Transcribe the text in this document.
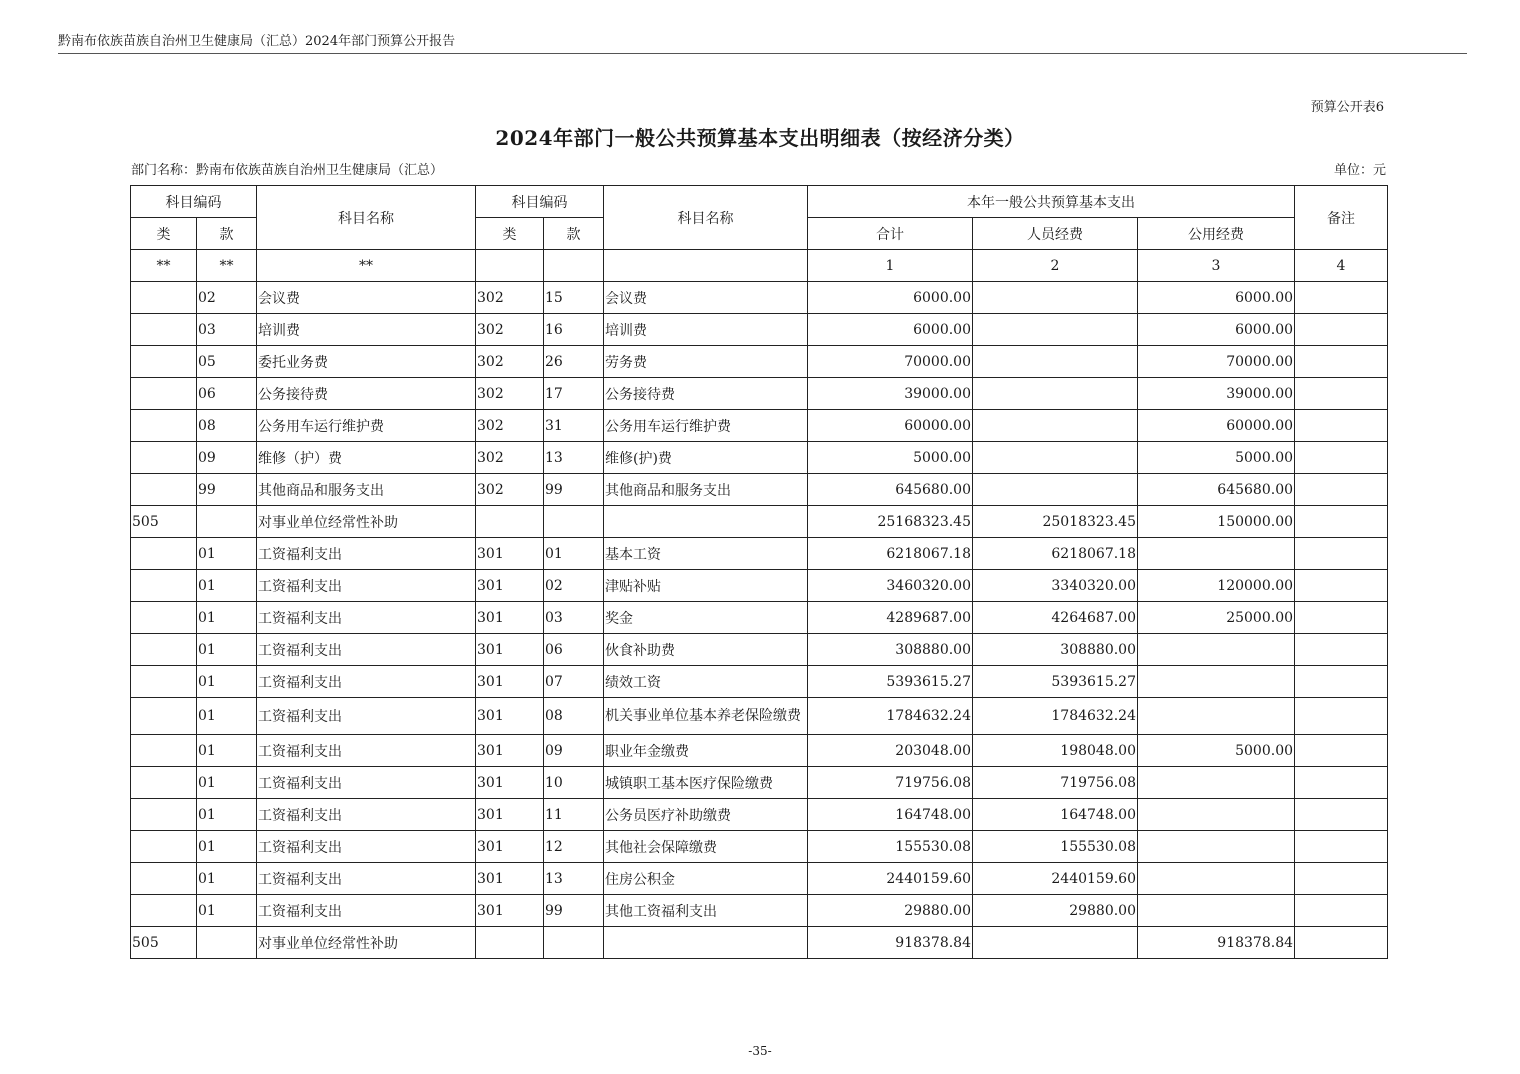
黔南布依族苗族自治州卫生健康局（汇总）2024年部门预算公开报告
预算公开表6
2024年部门一般公共预算基本支出明细表（按经济分类）
部门名称：黔南布依族苗族自治州卫生健康局（汇总）	单位：元
科目编码		科目名称	科目编码		科目名称	本年一般公共预算基本支出			备注
类	款		类	款		合计	人员经费	公用经费	
**	**	**				1	2	3	4
	02	会议费	302	15	会议费	6000.00		6000.00	
	03	培训费	302	16	培训费	6000.00		6000.00	
	05	委托业务费	302	26	劳务费	70000.00		70000.00	
	06	公务接待费	302	17	公务接待费	39000.00		39000.00	
	08	公务用车运行维护费	302	31	公务用车运行维护费	60000.00		60000.00	
	09	维修（护）费	302	13	维修(护)费	5000.00		5000.00	
	99	其他商品和服务支出	302	99	其他商品和服务支出	645680.00		645680.00	
505		对事业单位经常性补助				25168323.45	25018323.45	150000.00	
	01	工资福利支出	301	01	基本工资	6218067.18	6218067.18		
	01	工资福利支出	301	02	津贴补贴	3460320.00	3340320.00	120000.00	
	01	工资福利支出	301	03	奖金	4289687.00	4264687.00	25000.00	
	01	工资福利支出	301	06	伙食补助费	308880.00	308880.00		
	01	工资福利支出	301	07	绩效工资	5393615.27	5393615.27		
	01	工资福利支出	301	08	机关事业单位基本养老保险缴费	1784632.24	1784632.24		
	01	工资福利支出	301	09	职业年金缴费	203048.00	198048.00	5000.00	
	01	工资福利支出	301	10	城镇职工基本医疗保险缴费	719756.08	719756.08		
	01	工资福利支出	301	11	公务员医疗补助缴费	164748.00	164748.00		
	01	工资福利支出	301	12	其他社会保障缴费	155530.08	155530.08		
	01	工资福利支出	301	13	住房公积金	2440159.60	2440159.60		
	01	工资福利支出	301	99	其他工资福利支出	29880.00	29880.00		
505		对事业单位经常性补助				918378.84		918378.84	
-35-
